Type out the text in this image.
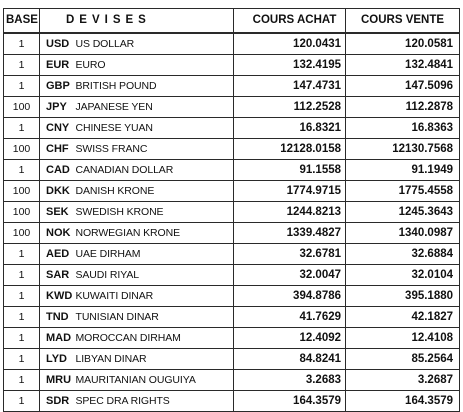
BASE	DEVISES		COURS ACHAT	COURS VENTE
1	USD	US DOLLAR	120.0431	120.0581
1	EUR	EURO	132.4195	132.4841
1	GBP	BRITISH POUND	147.4731	147.5096
100	JPY	JAPANESE YEN	112.2528	112.2878
1	CNY	CHINESE YUAN	16.8321	16.8363
100	CHF	SWISS FRANC	12128.0158	12130.7568
1	CAD	CANADIAN DOLLAR	91.1558	91.1949
100	DKK	DANISH KRONE	1774.9715	1775.4558
100	SEK	SWEDISH KRONE	1244.8213	1245.3643
100	NOK	NORWEGIAN KRONE	1339.4827	1340.0987
1	AED	UAE DIRHAM	32.6781	32.6884
1	SAR	SAUDI RIYAL	32.0047	32.0104
1	KWD	KUWAITI DINAR	394.8786	395.1880
1	TND	TUNISIAN DINAR	41.7629	42.1827
1	MAD	MOROCCAN DIRHAM	12.4092	12.4108
1	LYD	LIBYAN DINAR	84.8241	85.2564
1	MRU	MAURITANIAN OUGUIYA	3.2683	3.2687
1	SDR	SPEC DRA RIGHTS	164.3579	164.3579
